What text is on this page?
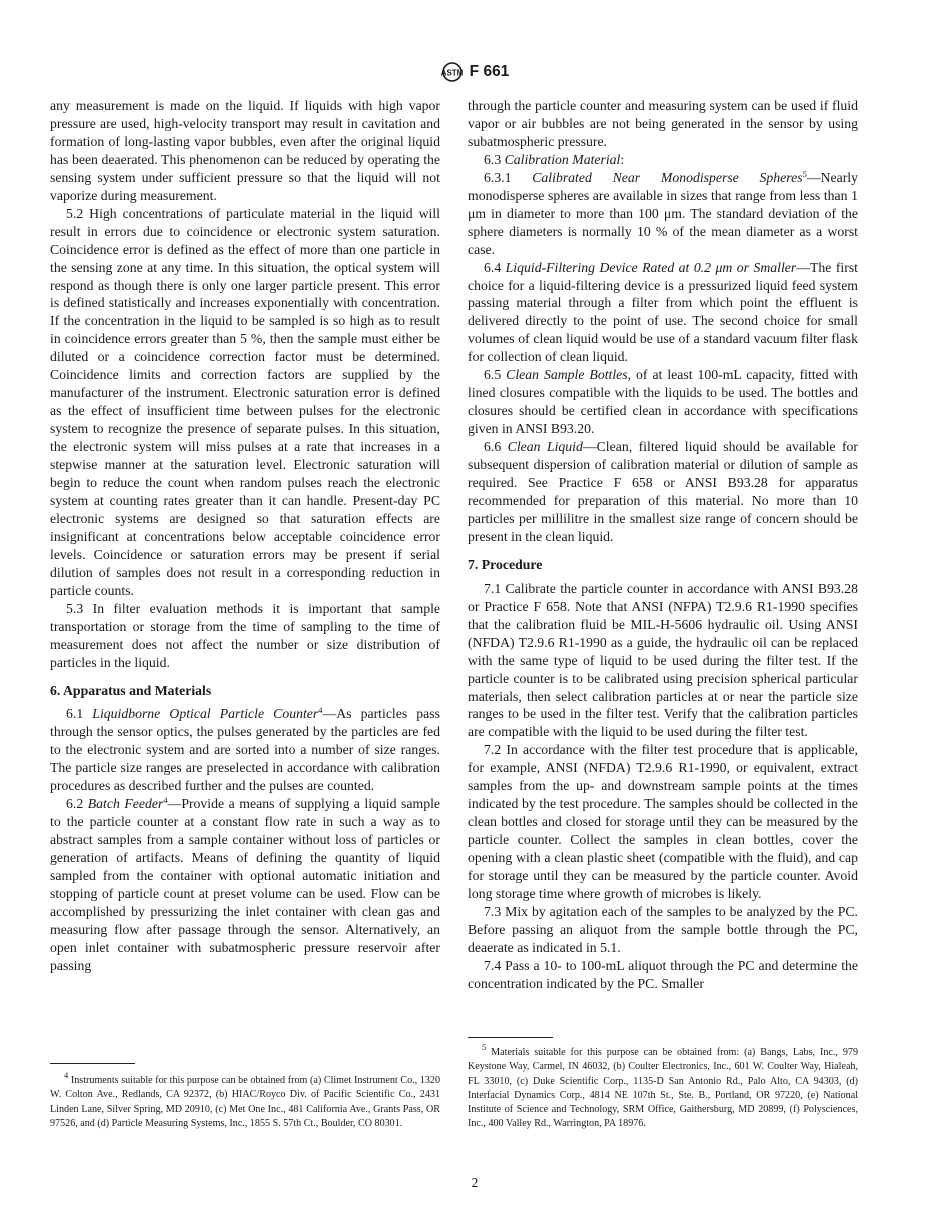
ASTM F 661

any measurement is made on the liquid. If liquids with high vapor pressure are used, high-velocity transport may result in cavitation and formation of long-lasting vapor bubbles, even after the original liquid has been deaerated. This phenomenon can be reduced by operating the sensing system under sufficient pressure so that the liquid will not vaporize during measurement.

5.2 High concentrations of particulate material in the liquid will result in errors due to coincidence or electronic system saturation. Coincidence error is defined as the effect of more than one particle in the sensing zone at any time. In this situation, the optical system will respond as though there is only one larger particle present. This error is defined statistically and increases exponentially with concentration. If the concentration in the liquid to be sampled is so high as to result in coincidence errors greater than 5 %, then the sample must either be diluted or a coincidence correction factor must be determined. Coincidence limits and correction factors are supplied by the manufacturer of the instrument. Electronic saturation error is defined as the effect of insufficient time between pulses for the electronic system to recognize the presence of separate pulses. In this situation, the electronic system will miss pulses at a rate that increases in a stepwise manner at the saturation level. Electronic saturation will begin to reduce the count when random pulses reach the electronic system at counting rates greater than it can handle. Present-day PC electronic systems are designed so that saturation effects are insignificant at concentrations below acceptable coincidence error levels. Coincidence or saturation errors may be present if serial dilution of samples does not result in a corresponding reduction in particle counts.

5.3 In filter evaluation methods it is important that sample transportation or storage from the time of sampling to the time of measurement does not affect the number or size distribution of particles in the liquid.

6. Apparatus and Materials

6.1 Liquidborne Optical Particle Counter$^4$—As particles pass through the sensor optics, the pulses generated by the particles are fed to the electronic system and are sorted into a number of size ranges. The particle size ranges are preselected in accordance with calibration procedures as described further and the pulses are counted.

6.2 Batch Feeder$^4$—Provide a means of supplying a liquid sample to the particle counter at a constant flow rate in such a way as to abstract samples from a sample container without loss of particles or generation of artifacts. Means of defining the quantity of liquid sampled from the container with optional automatic initiation and stopping of particle count at preset volume can be used. Flow can be accomplished by pressurizing the inlet container with clean gas and measuring flow after passage through the sensor. Alternatively, an open inlet container with subatmospheric pressure reservoir after passing

through the particle counter and measuring system can be used if fluid vapor or air bubbles are not being generated in the sensor by using subatmospheric pressure.

6.3 Calibration Material:

6.3.1 Calibrated Near Monodisperse Spheres$^5$—Nearly monodisperse spheres are available in sizes that range from less than 1 μm in diameter to more than 100 μm. The standard deviation of the sphere diameters is normally 10 % of the mean diameter as a worst case.

6.4 Liquid-Filtering Device Rated at 0.2 μm or Smaller—The first choice for a liquid-filtering device is a pressurized liquid feed system passing material through a filter from which point the effluent is delivered directly to the point of use. The second choice for small volumes of clean liquid would be use of a standard vacuum filter flask for collection of clean liquid.

6.5 Clean Sample Bottles, of at least 100-mL capacity, fitted with lined closures compatible with the liquids to be used. The bottles and closures should be certified clean in accordance with specifications given in ANSI B93.20.

6.6 Clean Liquid—Clean, filtered liquid should be available for subsequent dispersion of calibration material or dilution of sample as required. See Practice F 658 or ANSI B93.28 for apparatus recommended for preparation of this material. No more than 10 particles per millilitre in the smallest size range of concern should be present in the clean liquid.

7. Procedure

7.1 Calibrate the particle counter in accordance with ANSI B93.28 or Practice F 658. Note that ANSI (NFPA) T2.9.6 R1-1990 specifies that the calibration fluid be MIL-H-5606 hydraulic oil. Using ANSI (NFDA) T2.9.6 R1-1990 as a guide, the hydraulic oil can be replaced with the same type of liquid to be used during the filter test. If the particle counter is to be calibrated using precision spherical particular materials, then select calibration particles at or near the particle size ranges to be used in the filter test. Verify that the calibration particles are compatible with the liquid to be used during the filter test.

7.2 In accordance with the filter test procedure that is applicable, for example, ANSI (NFDA) T2.9.6 R1-1990, or equivalent, extract samples from the up- and downstream sample points at the times indicated by the test procedure. The samples should be collected in the clean bottles and closed for storage until they can be measured by the particle counter. Collect the samples in clean bottles, cover the opening with a clean plastic sheet (compatible with the fluid), and cap for storage until they can be measured by the particle counter. Avoid long storage time where growth of microbes is likely.

7.3 Mix by agitation each of the samples to be analyzed by the PC. Before passing an aliquot from the sample bottle through the PC, deaerate as indicated in 5.1.

7.4 Pass a 10- to 100-mL aliquot through the PC and determine the concentration indicated by the PC. Smaller

$^4$ Instruments suitable for this purpose can be obtained from (a) Climet Instrument Co., 1320 W. Colton Ave., Redlands, CA 92372, (b) HIAC/Royco Div. of Pacific Scientific Co., 2431 Linden Lane, Silver Spring, MD 20910, (c) Met One Inc., 481 California Ave., Grants Pass, OR 97526, and (d) Particle Measuring Systems, Inc., 1855 S. 57th Ct., Boulder, CO 80301.

$^5$ Materials suitable for this purpose can be obtained from: (a) Bangs, Labs, Inc., 979 Keystone Way, Carmel, IN 46032, (b) Coulter Electronics, Inc., 601 W. Coulter Way, Hialeah, FL 33010, (c) Duke Scientific Corp., 1135-D San Antonio Rd., Palo Alto, CA 94303, (d) Interfacial Dynamics Corp., 4814 NE 107th St., Ste. B., Portland, OR 97220, (e) National Institute of Science and Technology, SRM Office, Gaithersburg, MD 20899, (f) Polysciences, Inc., 400 Valley Rd., Warrington, PA 18976.

2
